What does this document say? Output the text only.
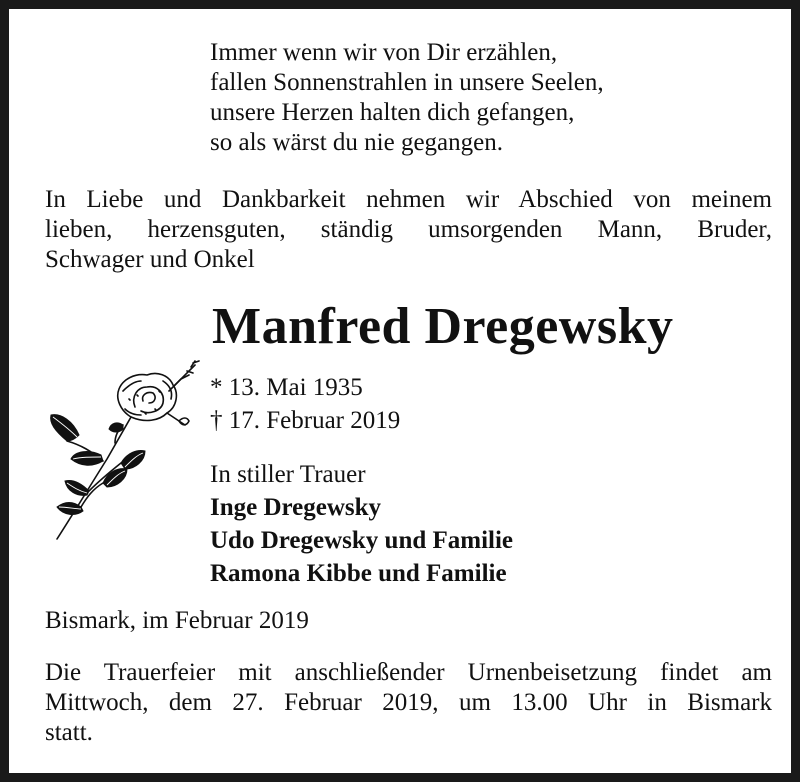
Immer wenn wir von Dir erzählen,
fallen Sonnenstrahlen in unsere Seelen,
unsere Herzen halten dich gefangen,
so als wärst du nie gegangen.
In Liebe und Dankbarkeit nehmen wir Abschied von meinem
lieben, herzensguten, ständig umsorgenden Mann, Bruder,
Schwager und Onkel
Manfred Dregewsky
* 13. Mai 1935
† 17. Februar 2019
In stiller Trauer
Inge Dregewsky
Udo Dregewsky und Familie
Ramona Kibbe und Familie
Bismark, im Februar 2019
Die Trauerfeier mit anschließender Urnenbeisetzung findet am
Mittwoch, dem 27. Februar 2019, um 13.00 Uhr in Bismark
statt.
